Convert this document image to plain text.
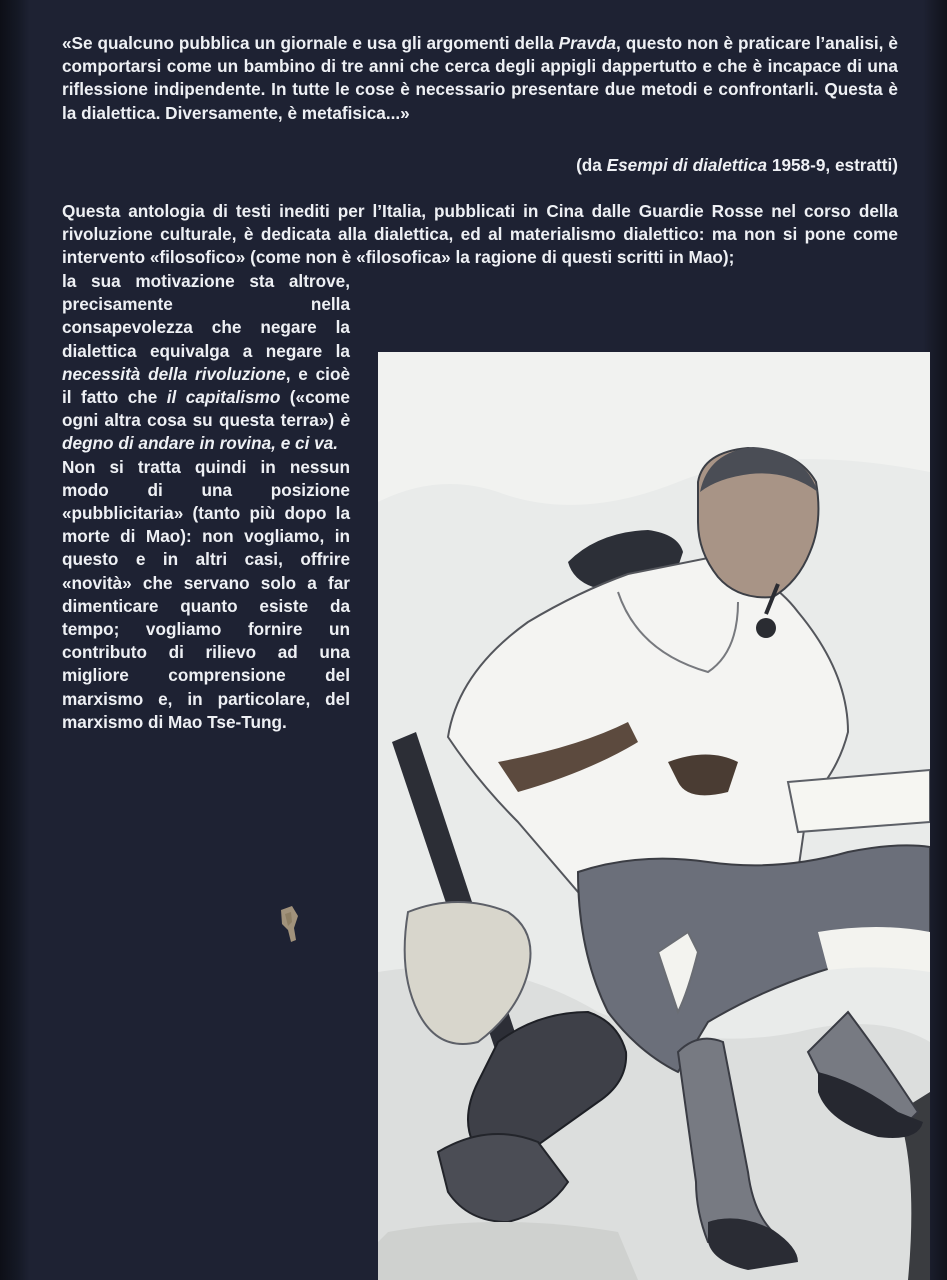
«Se qualcuno pubblica un giornale e usa gli argomenti della Pravda, questo non è praticare l’analisi, è comportarsi come un bambino di tre anni che cerca degli appigli dappertutto e che è incapace di una riflessione indipendente. In tutte le cose è necessario presentare due metodi e confrontarli. Questa è la dialettica. Diversamente, è metafisica...»

(da Esempi di dialettica 1958-9, estratti)

Questa antologia di testi inediti per l’Italia, pubblicati in Cina dalle Guardie Rosse nel corso della rivoluzione culturale, è dedicata alla dialettica, ed al materialismo dialettico: ma non si pone come intervento «filosofico» (come non è «filosofica» la ragione di questi scritti in Mao);

la sua motivazione sta altrove, precisamente nella consapevolezza che negare la dialettica equivalga a negare la necessità della rivoluzione, e cioè il fatto che il capitalismo («come ogni altra cosa su questa terra») è degno di andare in rovina, e ci va.

Non si tratta quindi in nessun modo di una posizione «pubblicitaria» (tanto più dopo la morte di Mao): non vogliamo, in questo e in altri casi, offrire «novità» che servano solo a far dimenticare quanto esiste da tempo; vogliamo fornire un contributo di rilievo ad una migliore comprensione del marxismo e, in particolare, del marxismo di Mao Tse-Tung.
